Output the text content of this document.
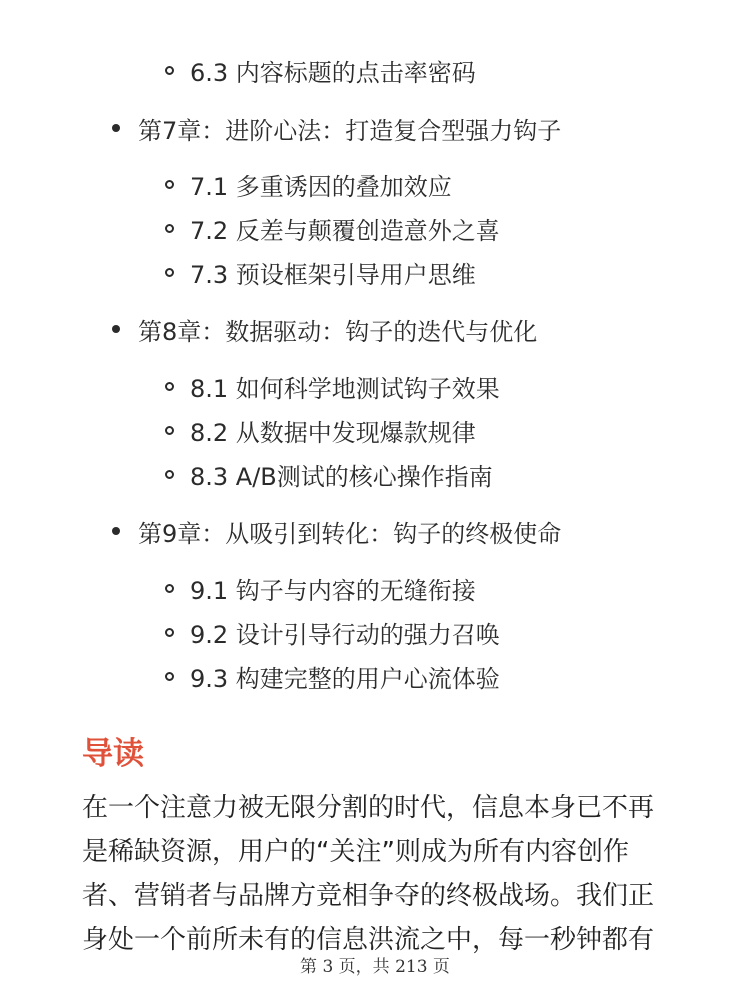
6.3 内容标题的点击率密码
第7章：进阶心法：打造复合型强力钩子
7.1 多重诱因的叠加效应
7.2 反差与颠覆创造意外之喜
7.3 预设框架引导用户思维
第8章：数据驱动：钩子的迭代与优化
8.1 如何科学地测试钩子效果
8.2 从数据中发现爆款规律
8.3 A/B测试的核心操作指南
第9章：从吸引到转化：钩子的终极使命
9.1 钩子与内容的无缝衔接
9.2 设计引导行动的强力召唤
9.3 构建完整的用户心流体验
导读
在一个注意力被无限分割的时代，信息本身已不再
是稀缺资源，用户的“关注”则成为所有内容创作
者、营销者与品牌方竞相争夺的终极战场。我们正
身处一个前所未有的信息洪流之中，每一秒钟都有
第 3 页，共 213 页
